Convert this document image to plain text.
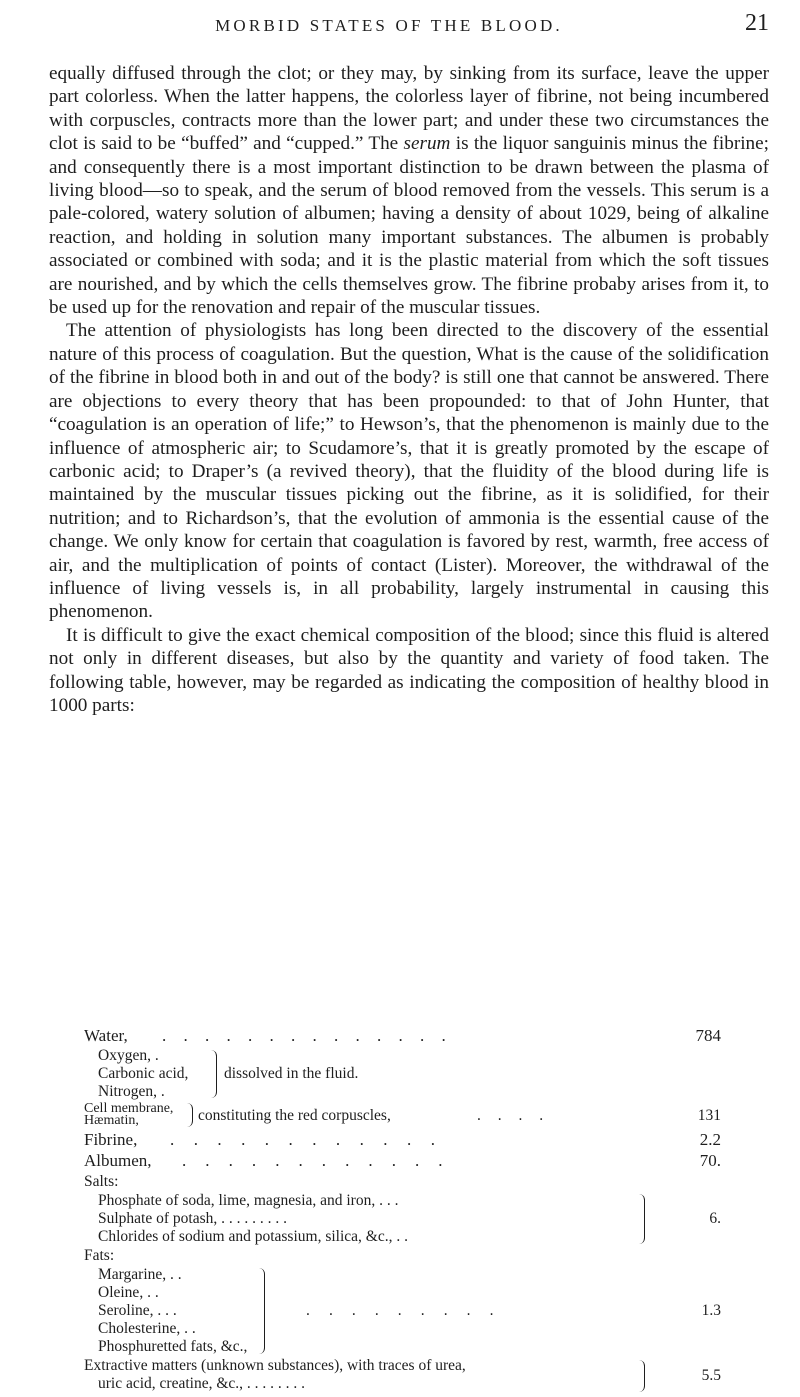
MORBID STATES OF THE BLOOD.	21

equally diffused through the clot; or they may, by sinking from its surface, leave the upper part colorless. When the latter happens, the colorless layer of fibrine, not being incumbered with corpuscles, contracts more than the lower part; and under these two circumstances the clot is said to be “buffed” and “cupped.” The serum is the liquor sanguinis minus the fibrine; and consequently there is a most important distinction to be drawn between the plasma of living blood—so to speak, and the serum of blood removed from the vessels. This serum is a pale-colored, watery solution of albumen; having a density of about 1029, being of alkaline reaction, and holding in solution many important substances. The albumen is probably associated or combined with soda; and it is the plastic material from which the soft tissues are nourished, and by which the cells themselves grow. The fibrine probaby arises from it, to be used up for the renovation and repair of the muscular tissues.

The attention of physiologists has long been directed to the discovery of the essential nature of this process of coagulation. But the question, What is the cause of the solidification of the fibrine in blood both in and out of the body? is still one that cannot be answered. There are objections to every theory that has been propounded: to that of John Hunter, that “coagulation is an operation of life;” to Hewson’s, that the phenomenon is mainly due to the influence of atmospheric air; to Scudamore’s, that it is greatly promoted by the escape of carbonic acid; to Draper’s (a revived theory), that the fluidity of the blood during life is maintained by the muscular tissues picking out the fibrine, as it is solidified, for their nutrition; and to Richardson’s, that the evolution of ammonia is the essential cause of the change. We only know for certain that coagulation is favored by rest, warmth, free access of air, and the multiplication of points of contact (Lister). Moreover, the withdrawal of the influence of living vessels is, in all probability, largely instrumental in causing this phenomenon.

It is difficult to give the exact chemical composition of the blood; since this fluid is altered not only in different diseases, but also by the quantity and variety of food taken. The following table, however, may be regarded as indicating the composition of healthy blood in 1000 parts:

Water, . . . . . . . . . . . . . .	784
Oxygen, .
Carbonic acid,
Nitrogen, .
dissolved in the fluid.
Cell membrane,
Hæmatin,	constituting the red corpuscles,	. . . .	131
Fibrine, . . . . . . . . . . . .	2.2
Albumen, . . . . . . . . . . . .	70.
Salts:
Phosphate of soda, lime, magnesia, and iron, . . .
Sulphate of potash, . . . . . . . . .
Chlorides of sodium and potassium, silica, &c., . .
6.
Fats:
Margarine, . .
Oleine, . .
Seroline, . . .
Cholesterine, . .
Phosphuretted fats, &c.,
. . . . . . . . .	1.3
Extractive matters (unknown substances), with traces of urea,
uric acid, creatine, &c., . . . . . . . .	5.5
